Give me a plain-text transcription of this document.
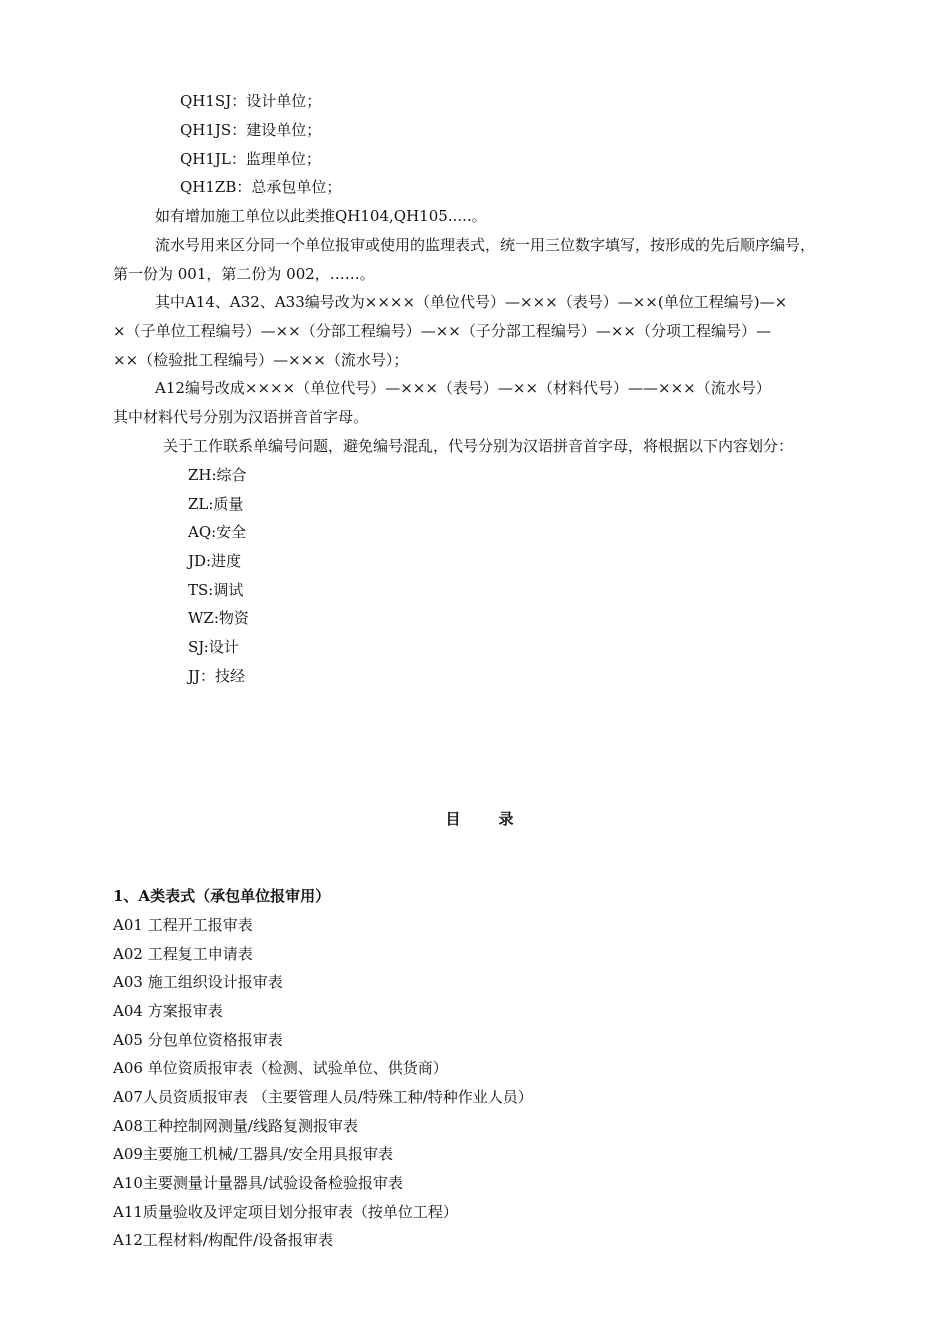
QH1SJ：设计单位；
QH1JS：建设单位；
QH1JL：监理单位；
QH1ZB：总承包单位；
如有增加施工单位以此类推QH104,QH105.....。
流水号用来区分同一个单位报审或使用的监理表式，统一用三位数字填写，按形成的先后顺序编号，
第一份为 001，第二份为 002，……。
其中A14、A32、A33编号改为××××（单位代号）—×××（表号）—××(单位工程编号)—×
×（子单位工程编号）—××（分部工程编号）—××（子分部工程编号）—××（分项工程编号）—
××（检验批工程编号）—×××（流水号）；
A12编号改成××××（单位代号）—×××（表号）—××（材料代号）——×××（流水号）
其中材料代号分别为汉语拼音首字母。
关于工作联系单编号问题，避免编号混乱，代号分别为汉语拼音首字母，将根据以下内容划分：
ZH:综合
ZL:质量
AQ:安全
JD:进度
TS:调试
WZ:物资
SJ:设计
JJ：技经
目录
1、A类表式（承包单位报审用）
A01 工程开工报审表
A02 工程复工申请表
A03 施工组织设计报审表
A04 方案报审表
A05 分包单位资格报审表
A06 单位资质报审表（检测、试验单位、供货商）
A07人员资质报审表 （主要管理人员/特殊工种/特种作业人员）
A08工种控制网测量/线路复测报审表
A09主要施工机械/工器具/安全用具报审表
A10主要测量计量器具/试验设备检验报审表
A11质量验收及评定项目划分报审表（按单位工程）
A12工程材料/构配件/设备报审表
